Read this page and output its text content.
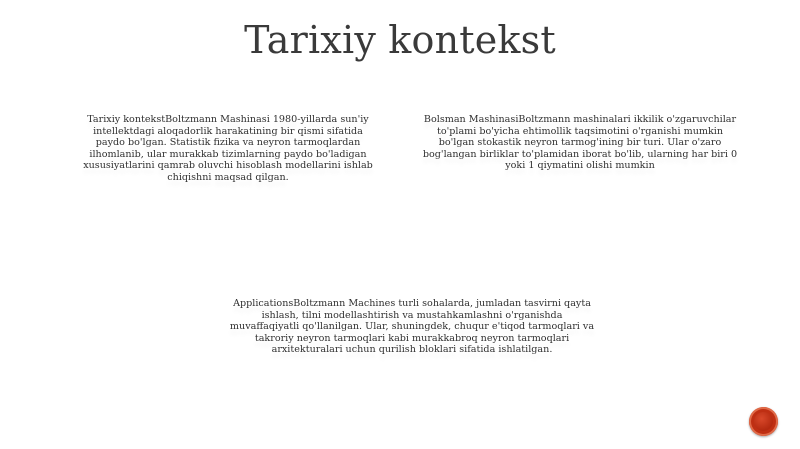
Tarixiy kontekst
Tarixiy kontekstBoltzmann Mashinasi 1980-yillarda sun'iy intellektdagi aloqadorlik harakatining bir qismi sifatida paydo bo'lgan. Statistik fizika va neyron tarmoqlardan ilhomlanib, ular murakkab tizimlarning paydo bo'ladigan xususiyatlarini qamrab oluvchi hisoblash modellarini ishlab chiqishni maqsad qilgan.
Bolsman MashinasiBoltzmann mashinalari ikkilik o'zgaruvchilar to'plami bo'yicha ehtimollik taqsimotini o'rganishi mumkin bo'lgan stokastik neyron tarmog'ining bir turi. Ular o'zaro bog'langan birliklar to'plamidan iborat bo'lib, ularning har biri 0 yoki 1 qiymatini olishi mumkin
ApplicationsBoltzmann Machines turli sohalarda, jumladan tasvirni qayta ishlash, tilni modellashtirish va mustahkamlashni o'rganishda muvaffaqiyatli qo'llanilgan. Ular, shuningdek, chuqur e'tiqod tarmoqlari va takroriy neyron tarmoqlari kabi murakkabroq neyron tarmoqlari arxitekturalari uchun qurilish bloklari sifatida ishlatilgan.
